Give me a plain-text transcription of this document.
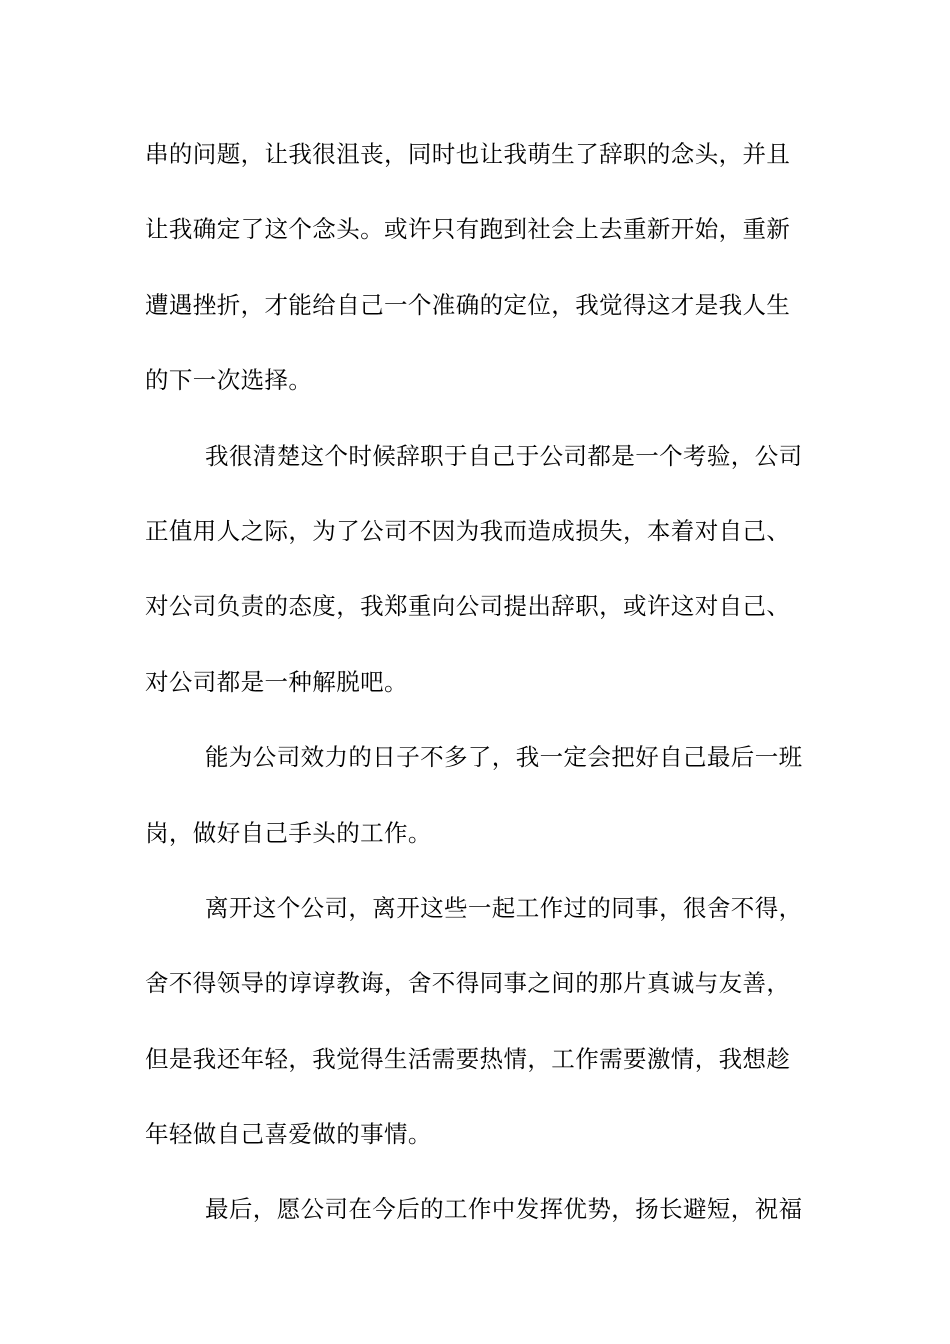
串的问题，让我很沮丧，同时也让我萌生了辞职的念头，并且
让我确定了这个念头。或许只有跑到社会上去重新开始，重新
遭遇挫折，才能给自己一个准确的定位，我觉得这才是我人生
的下一次选择。
我很清楚这个时候辞职于自己于公司都是一个考验，公司
正值用人之际，为了公司不因为我而造成损失，本着对自己、
对公司负责的态度，我郑重向公司提出辞职，或许这对自己、
对公司都是一种解脱吧。
能为公司效力的日子不多了，我一定会把好自己最后一班
岗，做好自己手头的工作。
离开这个公司，离开这些一起工作过的同事，很舍不得，
舍不得领导的谆谆教诲，舍不得同事之间的那片真诚与友善，
但是我还年轻，我觉得生活需要热情，工作需要激情，我想趁
年轻做自己喜爱做的事情。
最后，愿公司在今后的工作中发挥优势，扬长避短，祝福
